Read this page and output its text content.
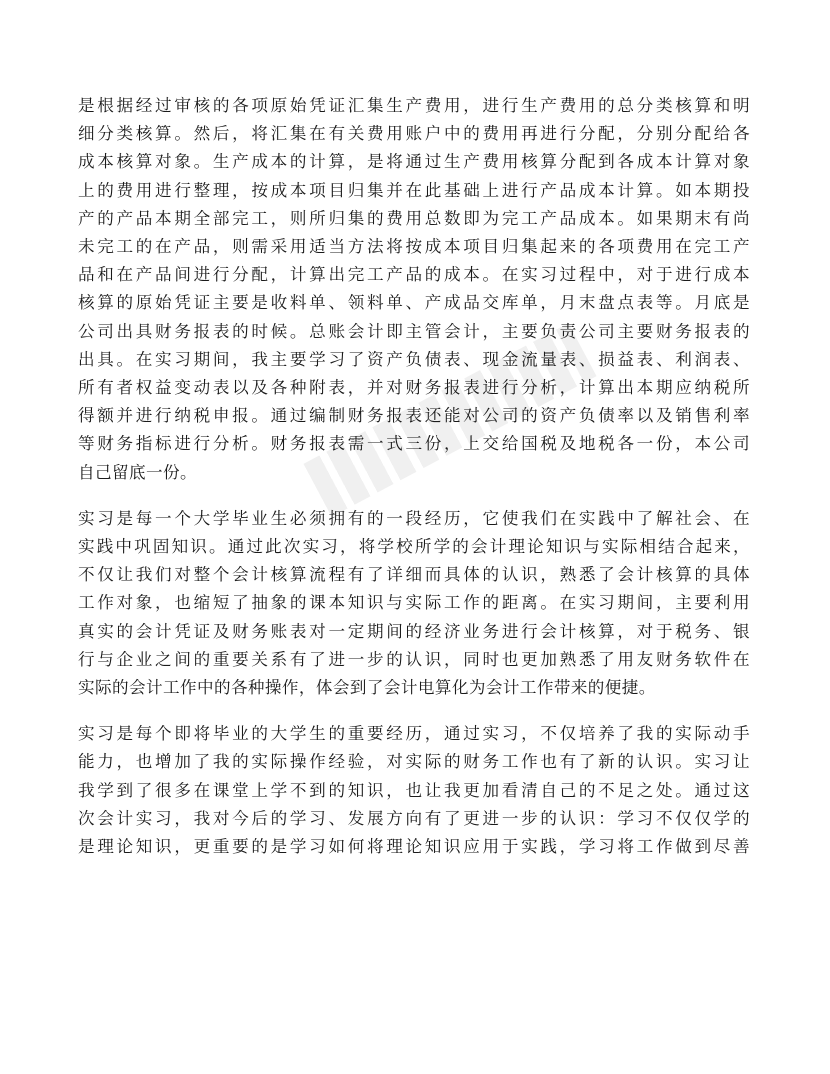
是根据经过审核的各项原始凭证汇集生产费用，进行生产费用的总分类核算和明
细分类核算。然后，将汇集在有关费用账户中的费用再进行分配，分别分配给各
成本核算对象。生产成本的计算，是将通过生产费用核算分配到各成本计算对象
上的费用进行整理，按成本项目归集并在此基础上进行产品成本计算。如本期投
产的产品本期全部完工，则所归集的费用总数即为完工产品成本。如果期末有尚
未完工的在产品，则需采用适当方法将按成本项目归集起来的各项费用在完工产
品和在产品间进行分配，计算出完工产品的成本。在实习过程中，对于进行成本
核算的原始凭证主要是收料单、领料单、产成品交库单，月末盘点表等。月底是
公司出具财务报表的时候。总账会计即主管会计，主要负责公司主要财务报表的
出具。在实习期间，我主要学习了资产负债表、现金流量表、损益表、利润表、
所有者权益变动表以及各种附表，并对财务报表进行分析，计算出本期应纳税所
得额并进行纳税申报。通过编制财务报表还能对公司的资产负债率以及销售利率
等财务指标进行分析。财务报表需一式三份，上交给国税及地税各一份，本公司
自己留底一份。

实习是每一个大学毕业生必须拥有的一段经历，它使我们在实践中了解社会、在
实践中巩固知识。通过此次实习，将学校所学的会计理论知识与实际相结合起来，
不仅让我们对整个会计核算流程有了详细而具体的认识，熟悉了会计核算的具体
工作对象，也缩短了抽象的课本知识与实际工作的距离。在实习期间，主要利用
真实的会计凭证及财务账表对一定期间的经济业务进行会计核算，对于税务、银
行与企业之间的重要关系有了进一步的认识，同时也更加熟悉了用友财务软件在
实际的会计工作中的各种操作，体会到了会计电算化为会计工作带来的便捷。

实习是每个即将毕业的大学生的重要经历，通过实习，不仅培养了我的实际动手
能力，也增加了我的实际操作经验，对实际的财务工作也有了新的认识。实习让
我学到了很多在课堂上学不到的知识，也让我更加看清自己的不足之处。通过这
次会计实习，我对今后的学习、发展方向有了更进一步的认识：学习不仅仅学的
是理论知识，更重要的是学习如何将理论知识应用于实践，学习将工作做到尽善
